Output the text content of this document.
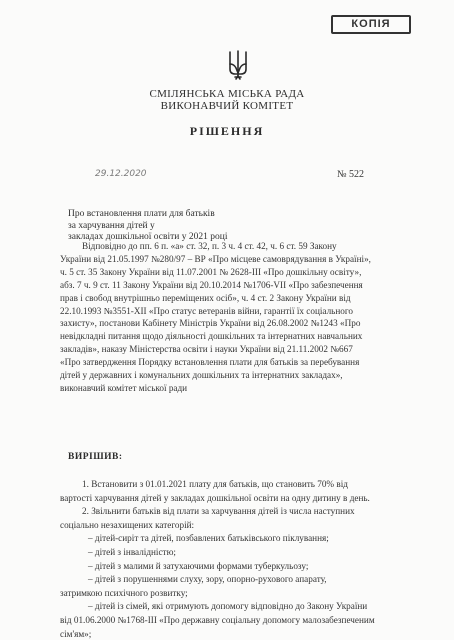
КОПІЯ
СМІЛЯНСЬКА МІСЬКА РАДА
ВИКОНАВЧИЙ КОМІТЕТ
РІШЕННЯ
29.12.2020	№ 522
Про встановлення плати для батьків
за харчування дітей у
закладах дошкільної освіти у 2021 році
Відповідно до пп. 6 п. «а» ст. 32, п. 3 ч. 4 ст. 42, ч. 6 ст. 59 Закону
України від 21.05.1997 №280/97 – ВР «Про місцеве самоврядування в Україні»,
ч. 5 ст. 35 Закону України від 11.07.2001 № 2628-ІІІ «Про дошкільну освіту»,
абз. 7 ч. 9 ст. 11 Закону України від 20.10.2014 №1706-VII «Про забезпечення
прав і свобод внутрішньо переміщених осіб», ч. 4 ст. 2 Закону України від
22.10.1993 №3551-XII «Про статус ветеранів війни, гарантії їх соціального
захисту», постанови Кабінету Міністрів України від 26.08.2002 №1243 «Про
невідкладні питання щодо діяльності дошкільних та інтернатних навчальних
закладів», наказу Міністерства освіти і науки України від 21.11.2002 №667
«Про затвердження Порядку встановлення плати для батьків за перебування
дітей у державних і комунальних дошкільних та інтернатних закладах»,
виконавчий комітет міської ради
ВИРІШИВ:
1. Встановити з 01.01.2021 плату для батьків, що становить 70% від
вартості харчування дітей у закладах дошкільної освіти на одну дитину в день.
2. Звільнити батьків від плати за харчування дітей із числа наступних
соціально незахищених категорій:
– дітей-сиріт та дітей, позбавлених батьківського піклування;
– дітей з інвалідністю;
– дітей з малими й затухаючими формами туберкульозу;
– дітей з порушеннями слуху, зору, опорно-рухового апарату,
затримкою психічного розвитку;
– дітей із сімей, які отримують допомогу відповідно до Закону України
від 01.06.2000 №1768-ІІІ «Про державну соціальну допомогу малозабезпеченим
сім'ям»;
